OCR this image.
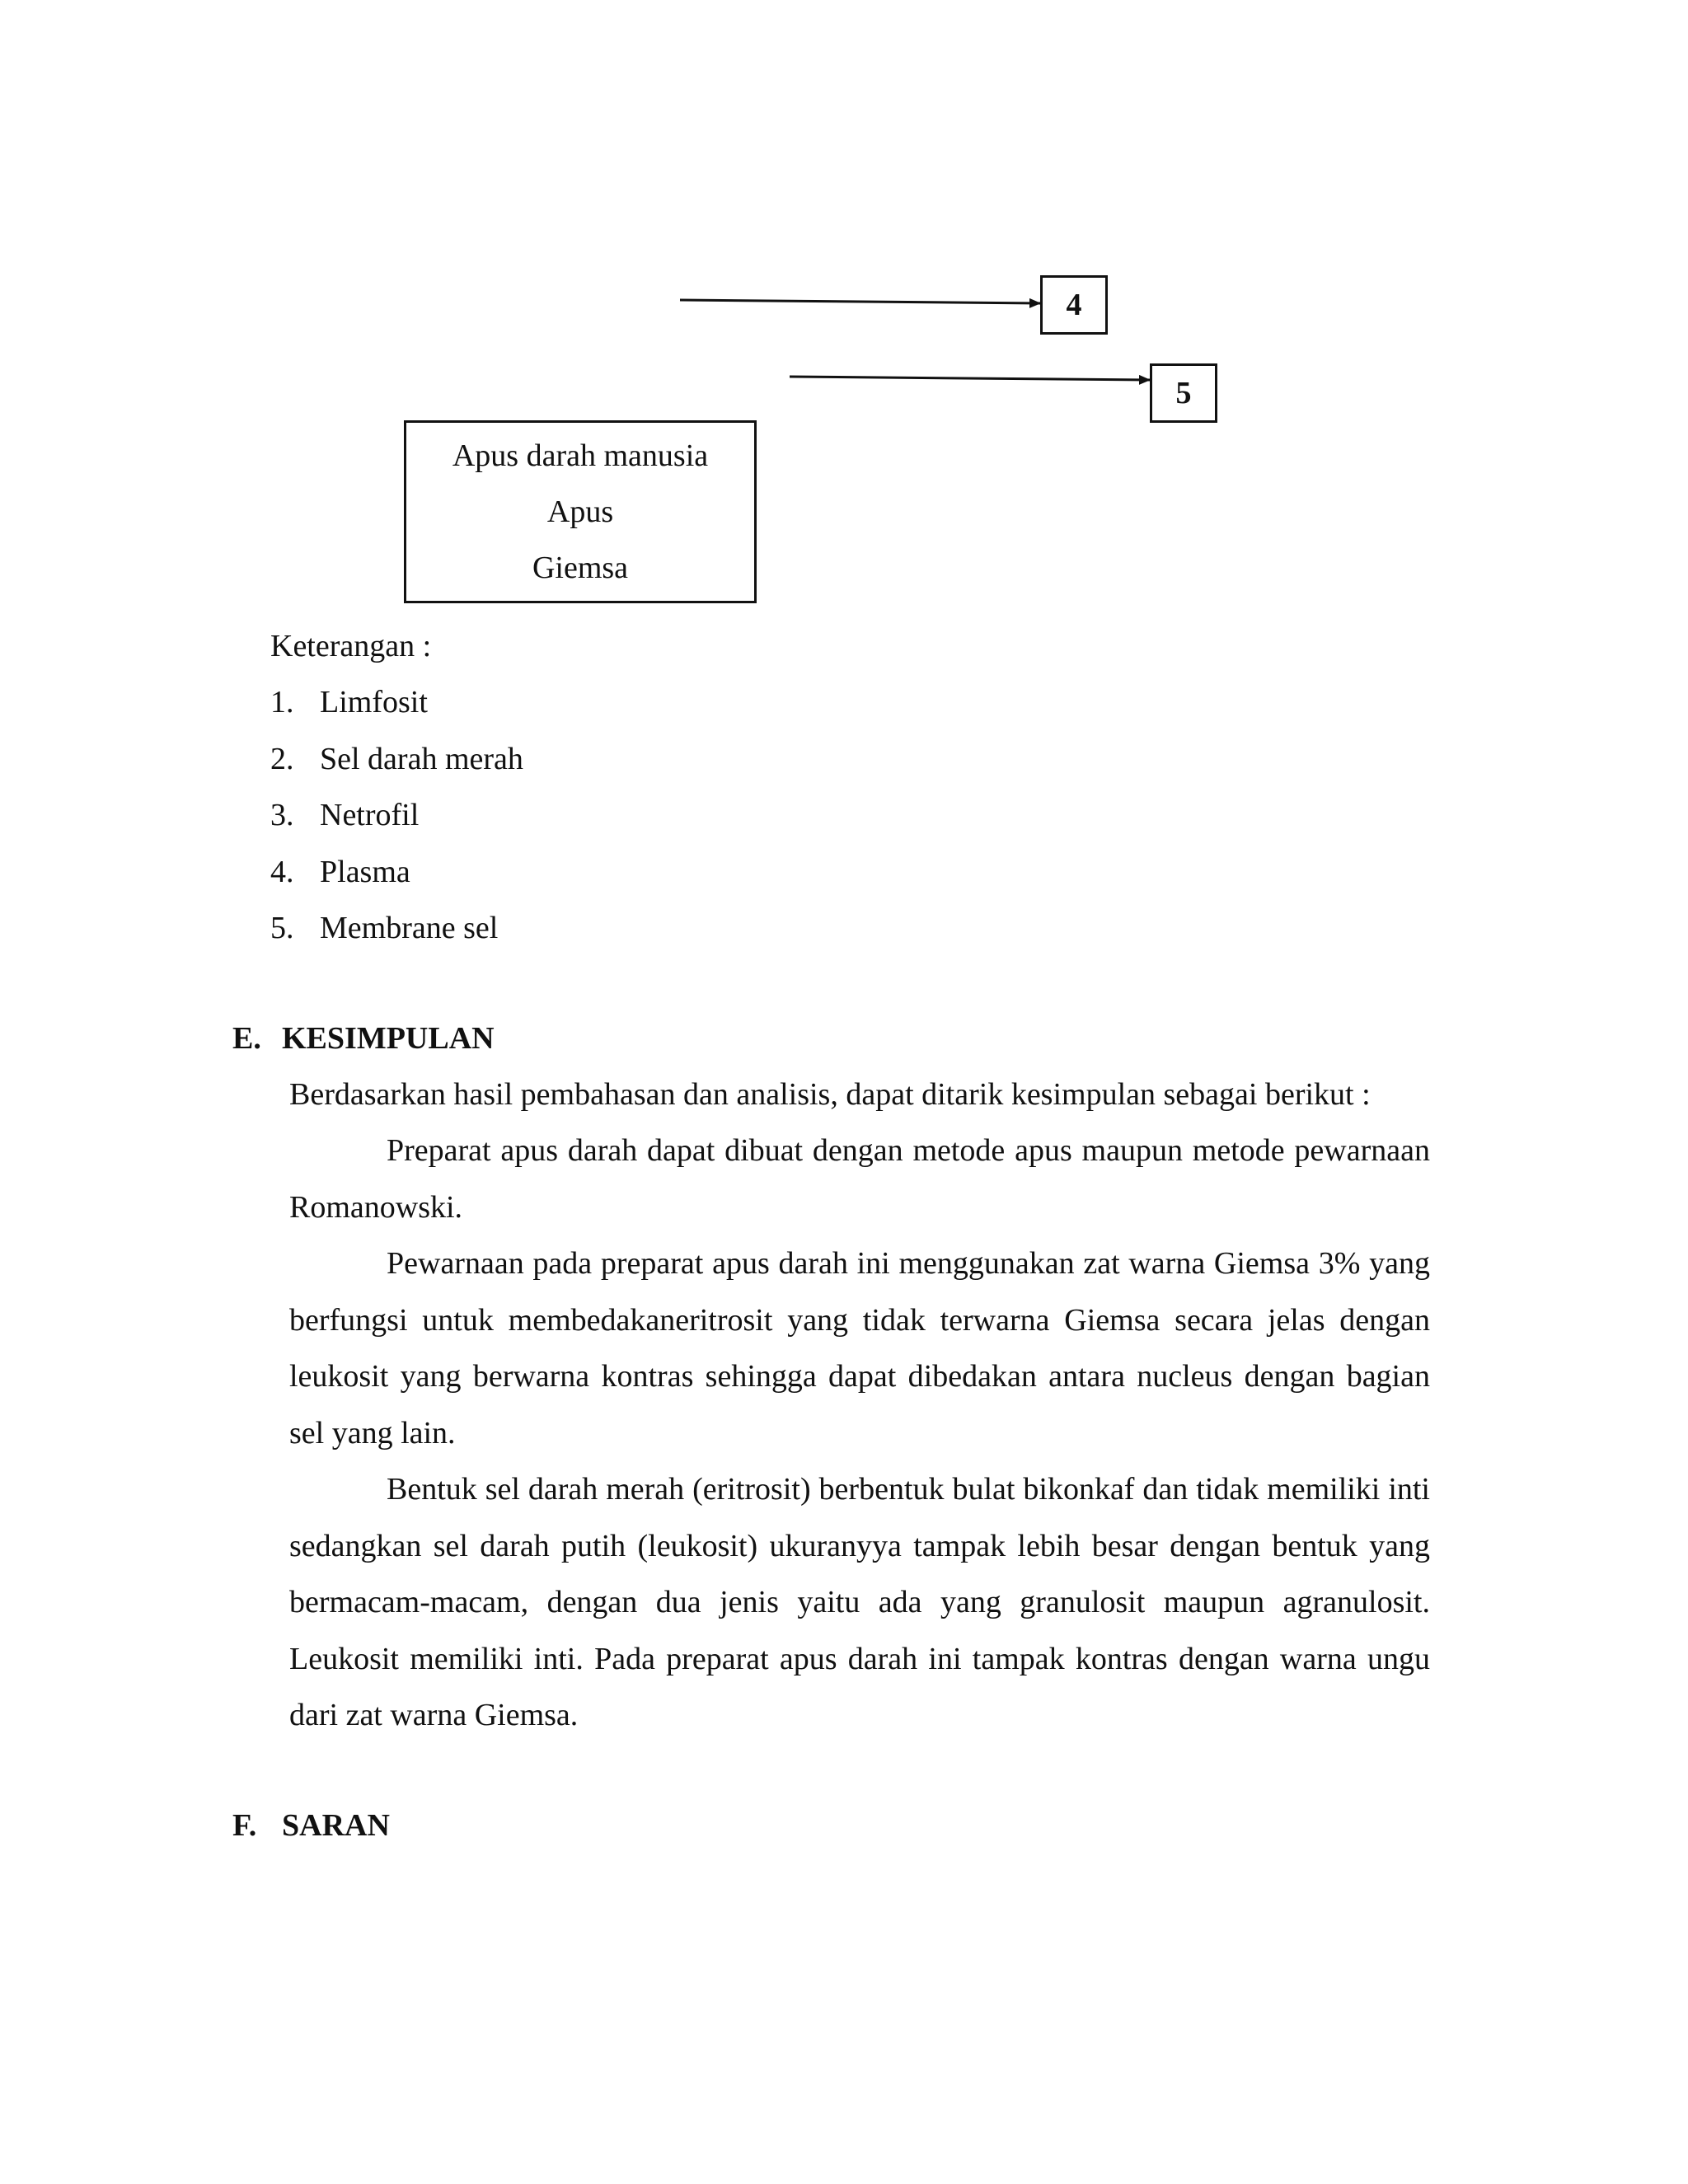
4
5
Apus darah manusia
Apus
Giemsa
Keterangan :
1. Limfosit
2. Sel darah merah
3. Netrofil
4. Plasma
5. Membrane sel
E. KESIMPULAN
Berdasarkan hasil pembahasan dan analisis, dapat ditarik kesimpulan sebagai berikut :

Preparat apus darah dapat dibuat dengan metode apus maupun metode pewarnaan Romanowski.

Pewarnaan pada preparat apus darah ini menggunakan zat warna Giemsa 3% yang berfungsi untuk membedakaneritrosit yang tidak terwarna Giemsa secara jelas dengan leukosit yang berwarna kontras sehingga dapat dibedakan antara nucleus dengan bagian sel yang lain.

Bentuk sel darah merah (eritrosit) berbentuk bulat bikonkaf dan tidak memiliki inti sedangkan sel darah putih (leukosit) ukuranyya tampak lebih besar dengan bentuk yang bermacam-macam, dengan dua jenis yaitu ada yang granulosit maupun agranulosit. Leukosit memiliki inti. Pada preparat apus darah ini tampak kontras dengan warna ungu dari zat warna Giemsa.

F. SARAN
